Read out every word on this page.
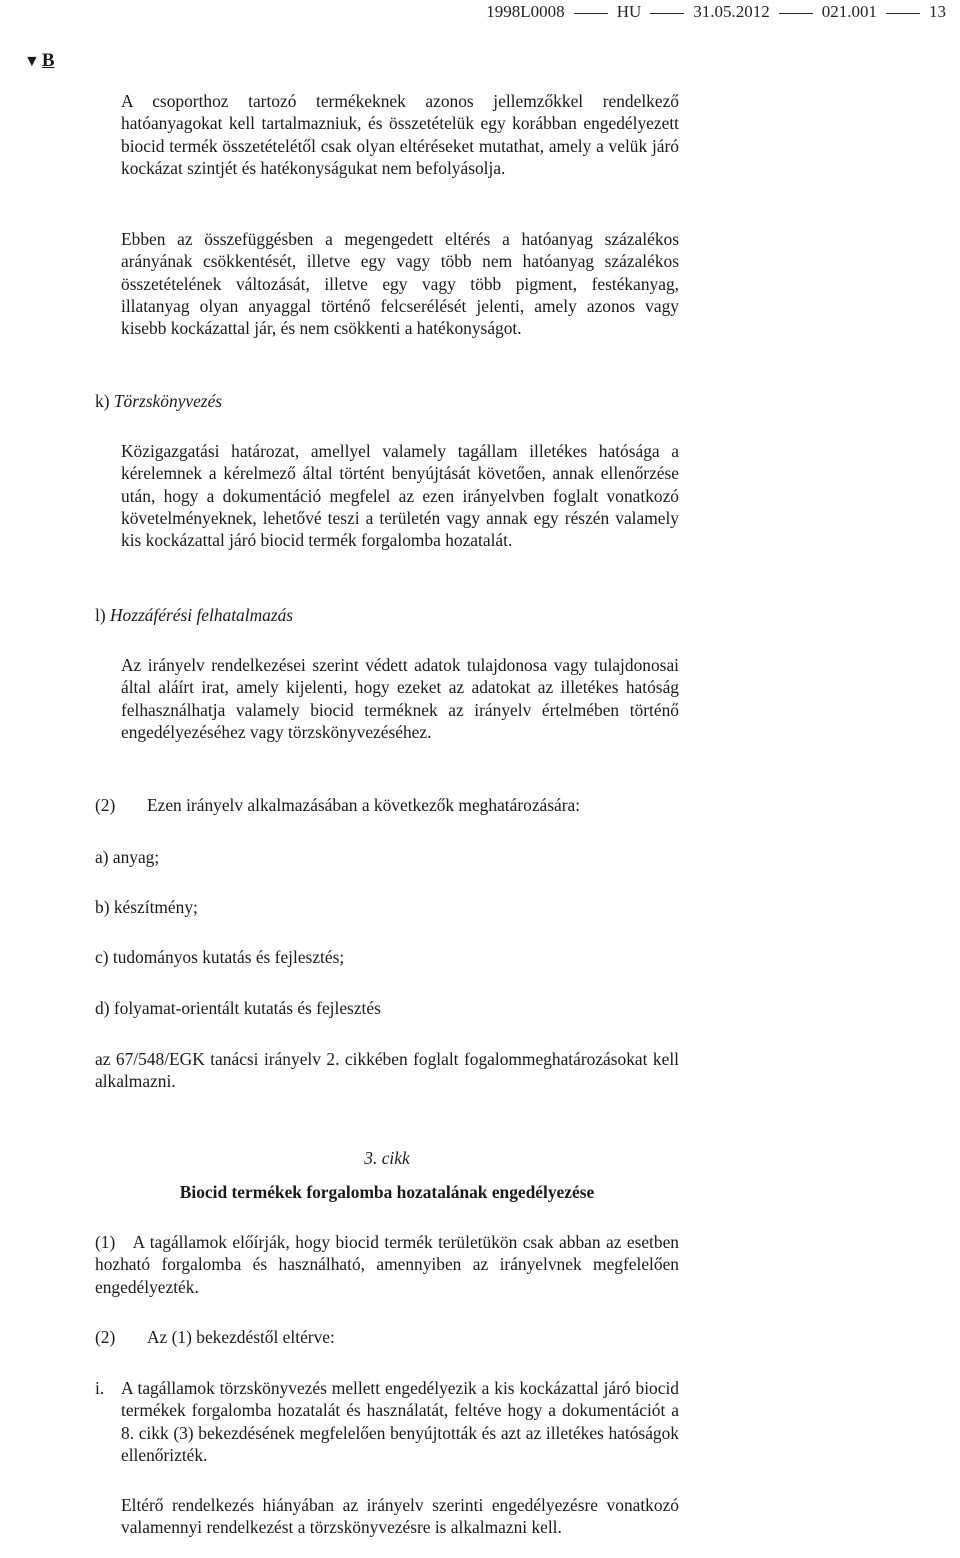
1998L0008	HU	31.05.2012	021.001	13
▼ B
A csoporthoz tartozó termékeknek azonos jellemzőkkel rendelkező hatóanyagokat kell tartalmazniuk, és összetételük egy korábban engedélyezett biocid termék összetételétől csak olyan eltéréseket mutathat, amely a velük járó kockázat szintjét és hatékonyságukat nem befolyásolja.
Ebben az összefüggésben a megengedett eltérés a hatóanyag százalékos arányának csökkentését, illetve egy vagy több nem hatóanyag százalékos összetételének változását, illetve egy vagy több pigment, festékanyag, illatanyag olyan anyaggal történő felcserélését jelenti, amely azonos vagy kisebb kockázattal jár, és nem csökkenti a hatékonyságot.
k) Törzskönyvezés
Közigazgatási határozat, amellyel valamely tagállam illetékes hatósága a kérelemnek a kérelmező által történt benyújtását követően, annak ellenőrzése után, hogy a dokumentáció megfelel az ezen irányelvben foglalt vonatkozó követelményeknek, lehetővé teszi a területén vagy annak egy részén valamely kis kockázattal járó biocid termék forgalomba hozatalát.
l) Hozzáférési felhatalmazás
Az irányelv rendelkezései szerint védett adatok tulajdonosa vagy tulajdonosai által aláírt irat, amely kijelenti, hogy ezeket az adatokat az illetékes hatóság felhasználhatja valamely biocid terméknek az irányelv értelmében történő engedélyezéséhez vagy törzskönyvezéséhez.
(2) Ezen irányelv alkalmazásában a következők meghatározására:
a) anyag;
b) készítmény;
c) tudományos kutatás és fejlesztés;
d) folyamat-orientált kutatás és fejlesztés
az 67/548/EGK tanácsi irányelv 2. cikkében foglalt fogalommeghatározásokat kell alkalmazni.
3. cikk
Biocid termékek forgalomba hozatalának engedélyezése
(1) A tagállamok előírják, hogy biocid termék területükön csak abban az esetben hozható forgalomba és használható, amennyiben az irányelvnek megfelelően engedélyezték.
(2) Az (1) bekezdéstől eltérve:
i. A tagállamok törzskönyvezés mellett engedélyezik a kis kockázattal járó biocid termékek forgalomba hozatalát és használatát, feltéve hogy a dokumentációt a 8. cikk (3) bekezdésének megfelelően benyújtották és azt az illetékes hatóságok ellenőrizték.
Eltérő rendelkezés hiányában az irányelv szerinti engedélyezésre vonatkozó valamennyi rendelkezést a törzskönyvezésre is alkalmazni kell.
